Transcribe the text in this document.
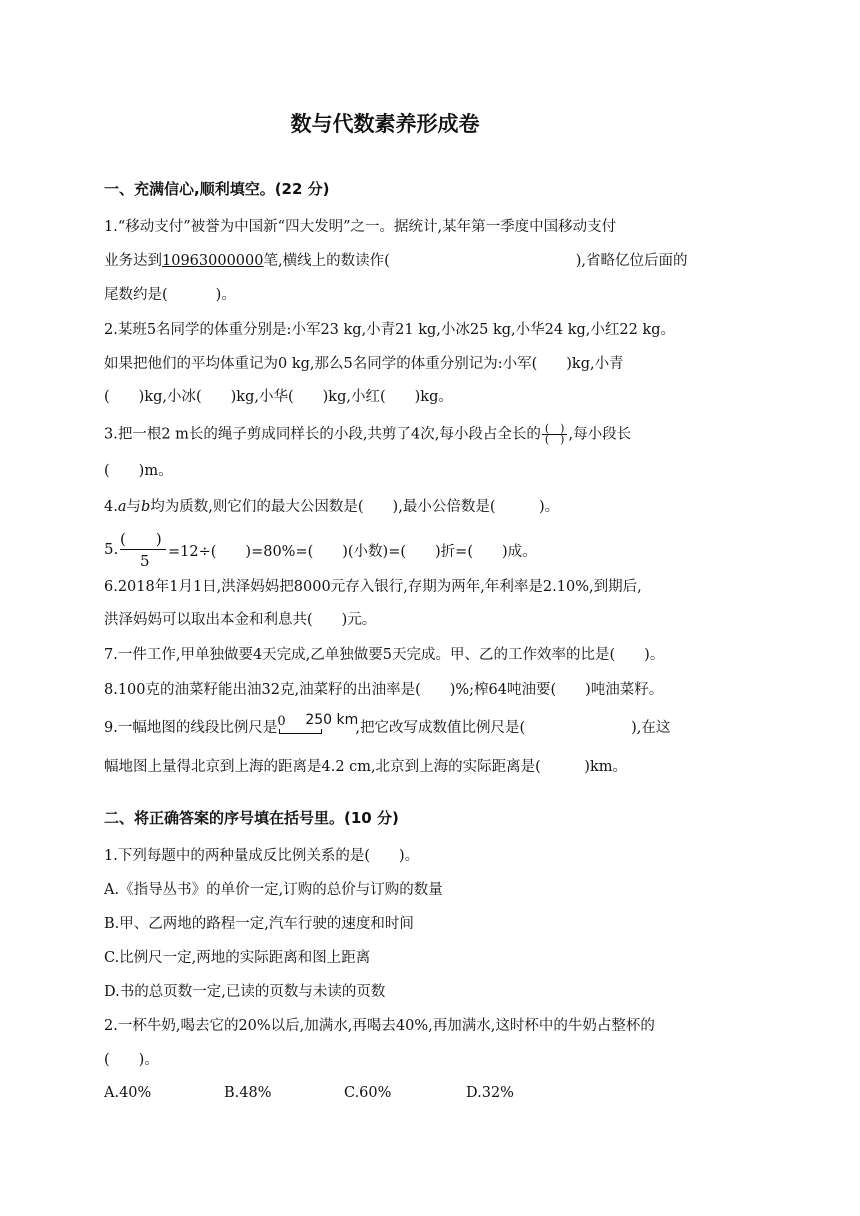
数与代数素养形成卷
一、充满信心,顺利填空。(22 分)
1.“移动支付”被誉为中国新“四大发明”之一。据统计,某年第一季度中国移动支付
业务达到10963000000笔,横线上的数读作(	),省略亿位后面的
尾数约是(	)。
2.某班5名同学的体重分别是:小军23 kg,小青21 kg,小冰25 kg,小华24 kg,小红22 kg。
如果把他们的平均体重记为0 kg,那么5名同学的体重分别记为:小军(　　)kg,小青
(　　)kg,小冰(　　)kg,小华(　　)kg,小红(　　)kg。
3.把一根2 m长的绳子剪成同样长的小段,共剪了4次,每小段占全长的 $\frac{( )}{( )}$ ,每小段长
(　　)m。
4.a与b均为质数,则它们的最大公因数是(　　),最小公倍数是(　　　)。
5.
(　　)
5 =12÷(　　)=80%=(　　)(小数)=(　　)折=(　　)成。
6.2018年1月1日,洪泽妈妈把8000元存入银行,存期为两年,年利率是2.10%,到期后,
洪泽妈妈可以取出本金和利息共(　　)元。
7.一件工作,甲单独做要4天完成,乙单独做要5天完成。甲、乙的工作效率的比是(　　)。
8.100克的油菜籽能出油32克,油菜籽的出油率是(　　)%;榨64吨油要(　　)吨油菜籽。
9.一幅地图的线段比例尺是 0 250 km
,把它改写成数值比例尺是(	),在这
幅地图上量得北京到上海的距离是4.2 cm,北京到上海的实际距离是(　　　)km。
二、将正确答案的序号填在括号里。(10 分)
1.下列每题中的两种量成反比例关系的是(　　)。
A.《指导丛书》的单价一定,订购的总价与订购的数量
B.甲、乙两地的路程一定,汽车行驶的速度和时间
C.比例尺一定,两地的实际距离和图上距离
D.书的总页数一定,已读的页数与未读的页数
2.一杯牛奶,喝去它的20%以后,加满水,再喝去40%,再加满水,这时杯中的牛奶占整杯的
(　　)。
A.40%	B.48%	C.60%	D.32%
